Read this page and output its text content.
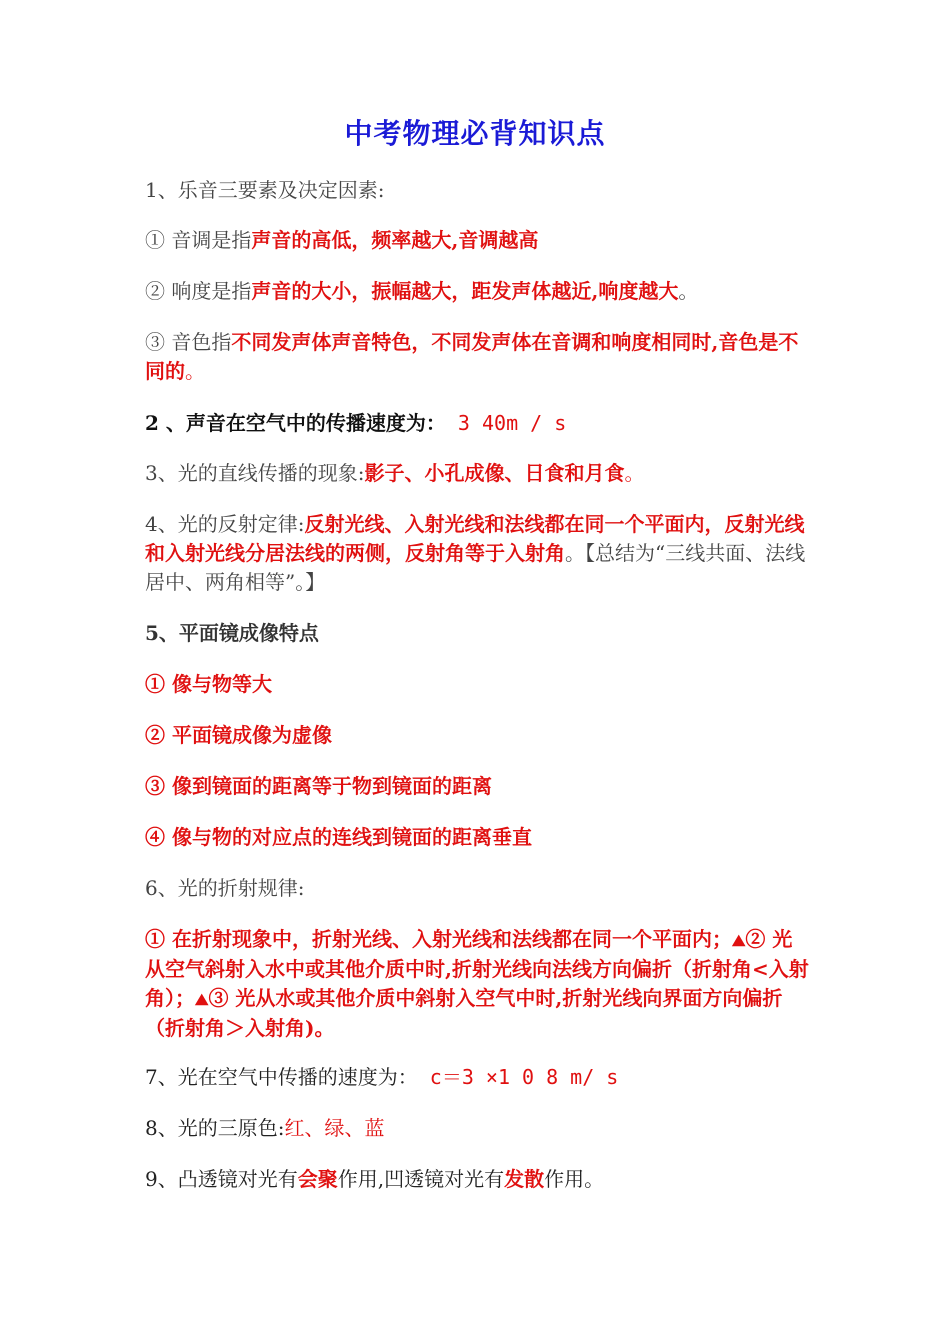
中考物理必背知识点
1、乐音三要素及决定因素:
① 音调是指声音的高低，频率越大,音调越高
② 响度是指声音的大小，振幅越大，距发声体越近,响度越大。
③ 音色指不同发声体声音特色，不同发声体在音调和响度相同时,音色是不同的。
2 、声音在空气中的传播速度为： 3 40m / s
3、光的直线传播的现象:影子、小孔成像、日食和月食。
4、光的反射定律:反射光线、入射光线和法线都在同一个平面内，反射光线和入射光线分居法线的两侧，反射角等于入射角。【总结为“三线共面、法线居中、两角相等”。】
5、平面镜成像特点
① 像与物等大
② 平面镜成像为虚像
③ 像到镜面的距离等于物到镜面的距离
④ 像与物的对应点的连线到镜面的距离垂直
6、光的折射规律:
① 在折射现象中，折射光线、入射光线和法线都在同一个平面内；⛰② 光从空气斜射入水中或其他介质中时,折射光线向法线方向偏折（折射角<入射角）；⛰③ 光从水或其他介质中斜射入空气中时,折射光线向界面方向偏折（折射角＞入射角)。
7、光在空气中传播的速度为： c＝3 ×1 0 8 m/ s
8、光的三原色:红、绿、蓝
9、凸透镜对光有会聚作用,凹透镜对光有发散作用。
